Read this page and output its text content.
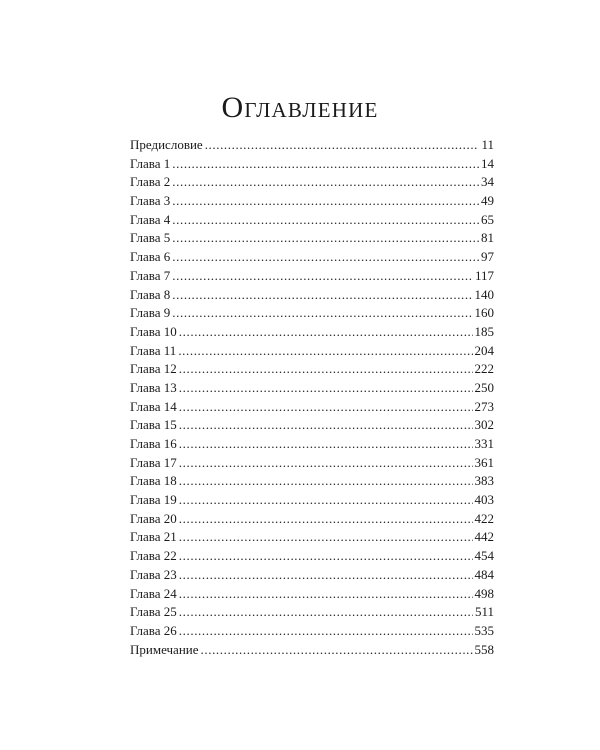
Оглавление
Предисловие .....	11
Глава 1 .....	14
Глава 2 .....	34
Глава 3 .....	49
Глава 4 .....	65
Глава 5 .....	81
Глава 6 .....	97
Глава 7 .....	117
Глава 8 .....	140
Глава 9 .....	160
Глава 10 .....	185
Глава 11 .....	204
Глава 12 .....	222
Глава 13 .....	250
Глава 14 .....	273
Глава 15 .....	302
Глава 16 .....	331
Глава 17 .....	361
Глава 18 .....	383
Глава 19 .....	403
Глава 20 .....	422
Глава 21 .....	442
Глава 22 .....	454
Глава 23 .....	484
Глава 24 .....	498
Глава 25 .....	511
Глава 26 .....	535
Примечание .....	558
